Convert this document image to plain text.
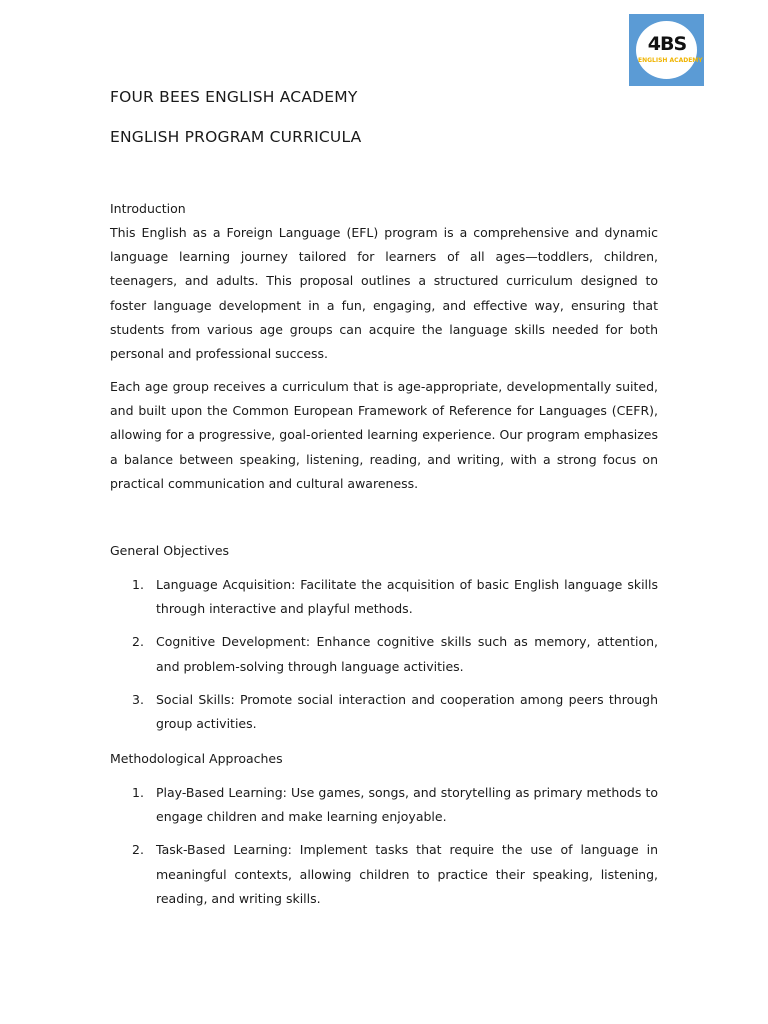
4BS
ENGLISH ACADEMY
FOUR BEES ENGLISH ACADEMY
ENGLISH PROGRAM CURRICULA
Introduction
This English as a Foreign Language (EFL) program is a comprehensive and dynamic language learning journey tailored for learners of all ages—toddlers, children, teenagers, and adults. This proposal outlines a structured curriculum designed to foster language development in a fun, engaging, and effective way, ensuring that students from various age groups can acquire the language skills needed for both personal and professional success.
Each age group receives a curriculum that is age-appropriate, developmentally suited, and built upon the Common European Framework of Reference for Languages (CEFR), allowing for a progressive, goal-oriented learning experience. Our program emphasizes a balance between speaking, listening, reading, and writing, with a strong focus on practical communication and cultural awareness.
General Objectives
1. Language Acquisition: Facilitate the acquisition of basic English language skills through interactive and playful methods.
2. Cognitive Development: Enhance cognitive skills such as memory, attention, and problem-solving through language activities.
3. Social Skills: Promote social interaction and cooperation among peers through group activities.
Methodological Approaches
1. Play-Based Learning: Use games, songs, and storytelling as primary methods to engage children and make learning enjoyable.
2. Task-Based Learning: Implement tasks that require the use of language in meaningful contexts, allowing children to practice their speaking, listening, reading, and writing skills.
